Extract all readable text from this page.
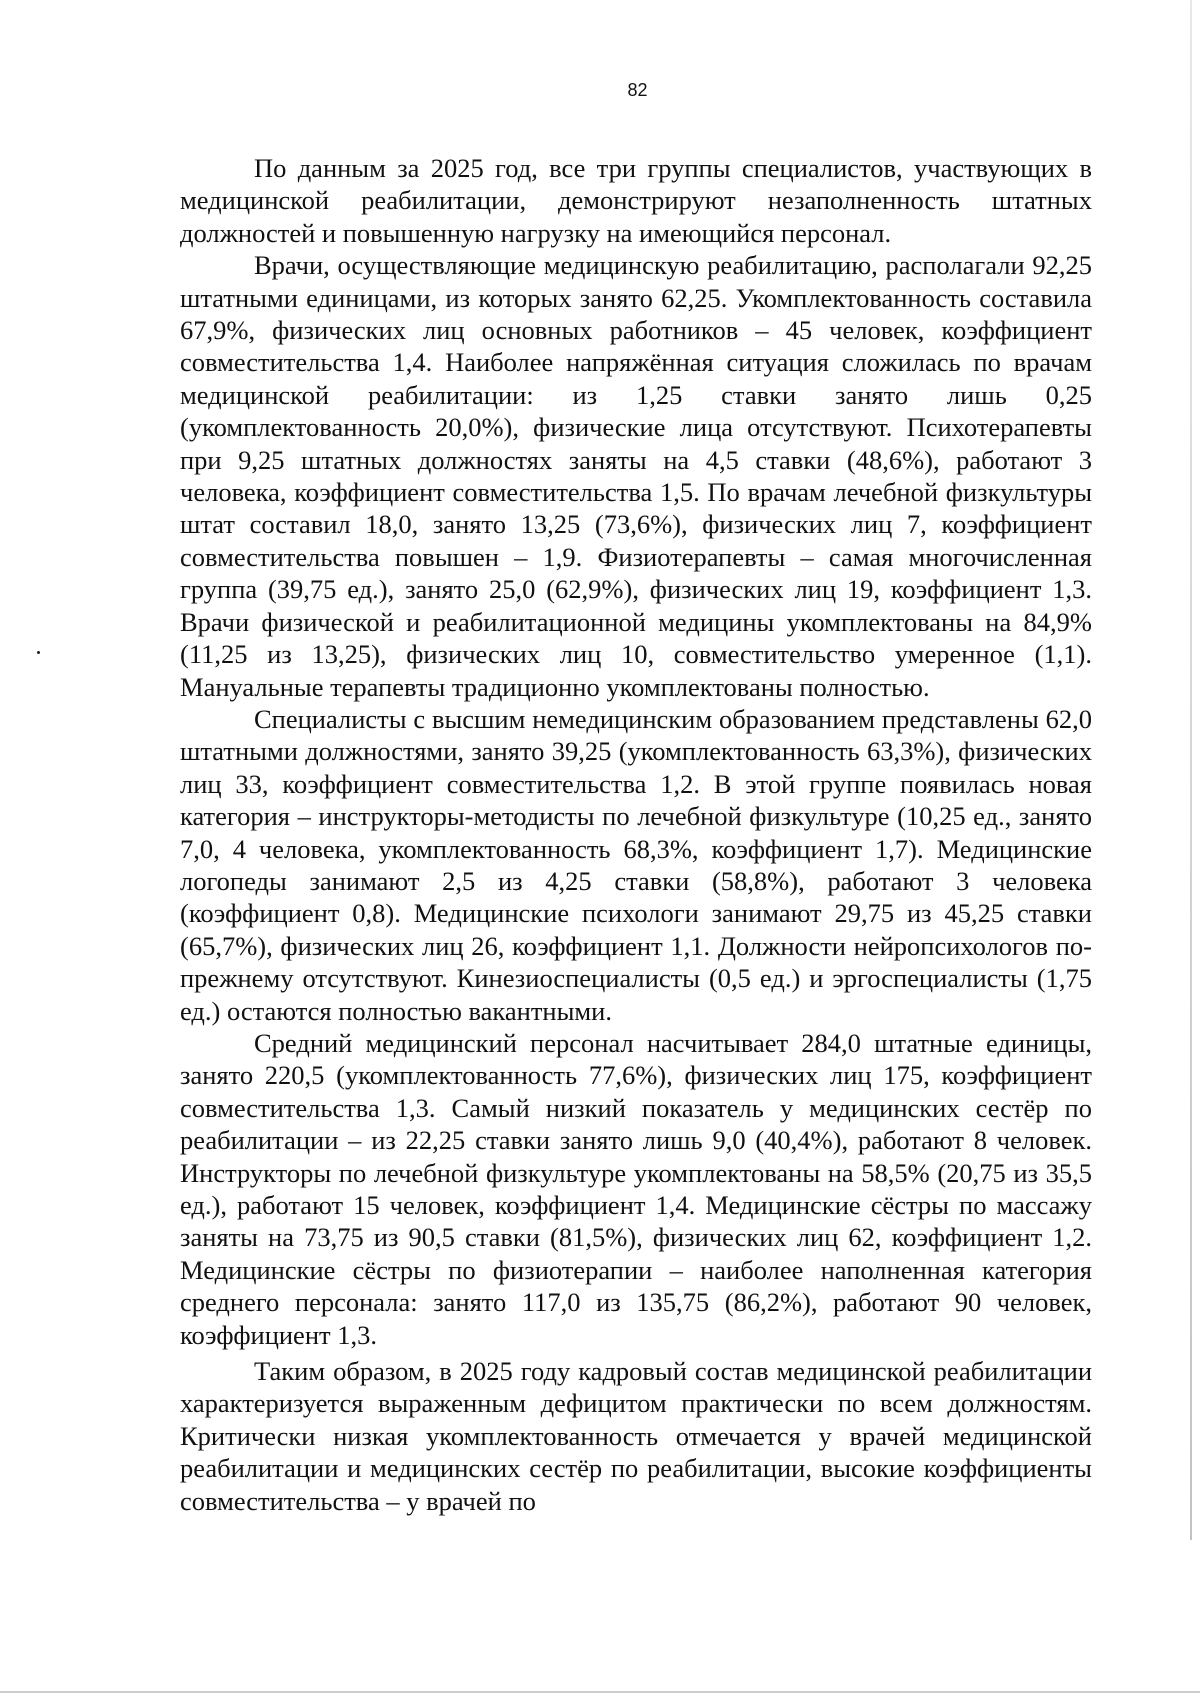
82

По данным за 2025 год, все три группы специалистов, участвующих в медицинской реабилитации, демонстрируют незаполненность штатных должностей и повышенную нагрузку на имеющийся персонал.

Врачи, осуществляющие медицинскую реабилитацию, располагали 92,25 штатными единицами, из которых занято 62,25. Укомплектованность составила 67,9%, физических лиц основных работников – 45 человек, коэффициент совместительства 1,4. Наиболее напряжённая ситуация сложилась по врачам медицинской реабилитации: из 1,25 ставки занято лишь 0,25 (укомплектованность 20,0%), физические лица отсутствуют. Психотерапевты при 9,25 штатных должностях заняты на 4,5 ставки (48,6%), работают 3 человека, коэффициент совместительства 1,5. По врачам лечебной физкультуры штат составил 18,0, занято 13,25 (73,6%), физических лиц 7, коэффициент совместительства повышен – 1,9. Физиотерапевты – самая многочисленная группа (39,75 ед.), занято 25,0 (62,9%), физических лиц 19, коэффициент 1,3. Врачи физической и реабилитационной медицины укомплектованы на 84,9% (11,25 из 13,25), физических лиц 10, совместительство умеренное (1,1). Мануальные терапевты традиционно укомплектованы полностью.

Специалисты с высшим немедицинским образованием представлены 62,0 штатными должностями, занято 39,25 (укомплектованность 63,3%), физических лиц 33, коэффициент совместительства 1,2. В этой группе появилась новая категория – инструкторы-методисты по лечебной физкультуре (10,25 ед., занято 7,0, 4 человека, укомплектованность 68,3%, коэффициент 1,7). Медицинские логопеды занимают 2,5 из 4,25 ставки (58,8%), работают 3 человека (коэффициент 0,8). Медицинские психологи занимают 29,75 из 45,25 ставки (65,7%), физических лиц 26, коэффициент 1,1. Должности нейропсихологов по-прежнему отсутствуют. Кинезиоспециалисты (0,5 ед.) и эргоспециалисты (1,75 ед.) остаются полностью вакантными.

Средний медицинский персонал насчитывает 284,0 штатные единицы, занято 220,5 (укомплектованность 77,6%), физических лиц 175, коэффициент совместительства 1,3. Самый низкий показатель у медицинских сестёр по реабилитации – из 22,25 ставки занято лишь 9,0 (40,4%), работают 8 человек. Инструкторы по лечебной физкультуре укомплектованы на 58,5% (20,75 из 35,5 ед.), работают 15 человек, коэффициент 1,4. Медицинские сёстры по массажу заняты на 73,75 из 90,5 ставки (81,5%), физических лиц 62, коэффициент 1,2. Медицинские сёстры по физиотерапии – наиболее наполненная категория среднего персонала: занято 117,0 из 135,75 (86,2%), работают 90 человек, коэффициент 1,3.

Таким образом, в 2025 году кадровый состав медицинской реабилитации характеризуется выраженным дефицитом практически по всем должностям. Критически низкая укомплектованность отмечается у врачей медицинской реабилитации и медицинских сестёр по реабилитации, высокие коэффициенты совместительства – у врачей по
